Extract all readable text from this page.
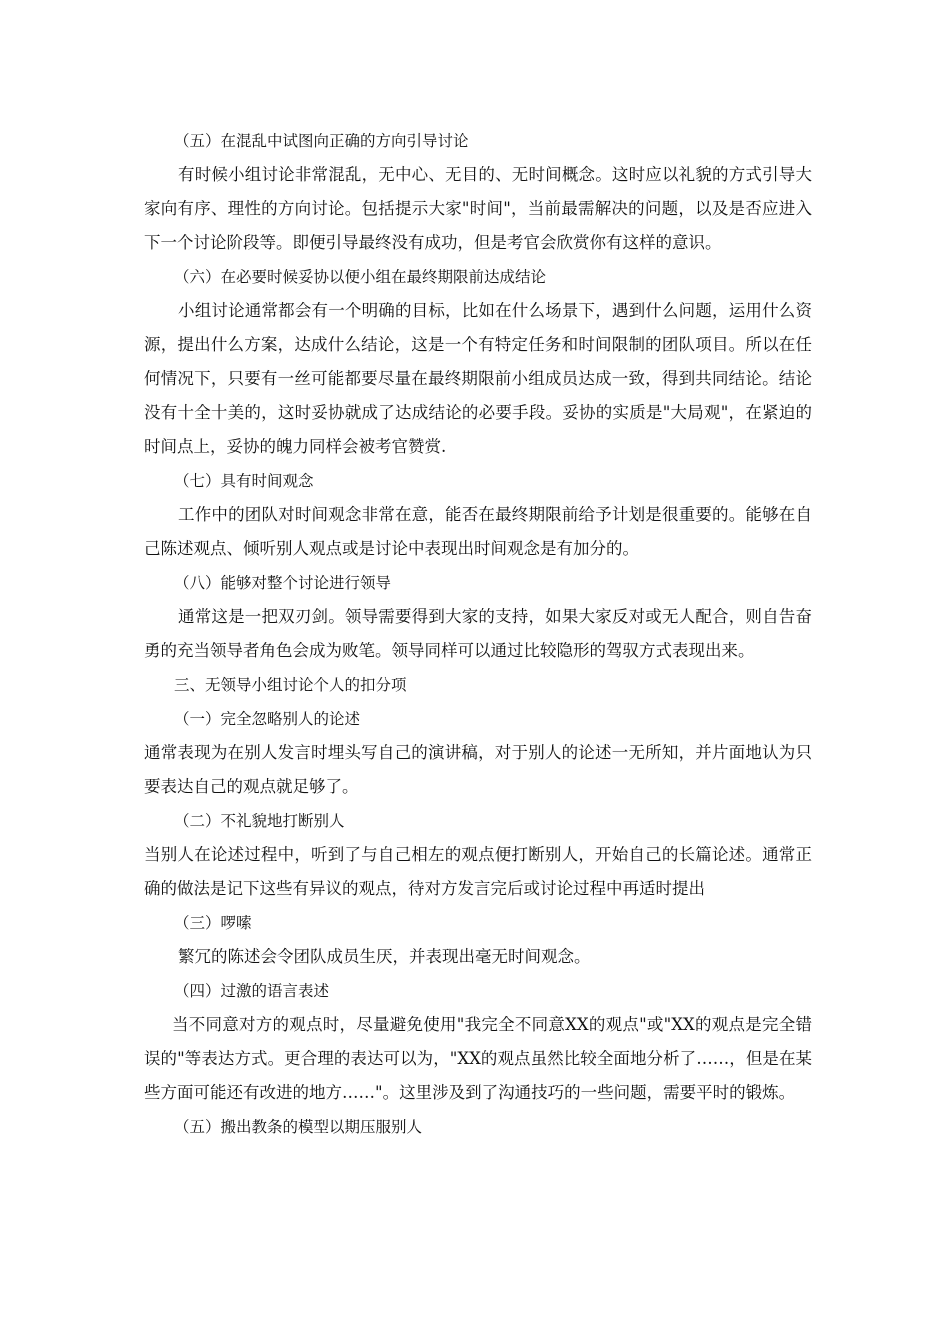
（五）在混乱中试图向正确的方向引导讨论

有时候小组讨论非常混乱，无中心、无目的、无时间概念。这时应以礼貌的方式引导大家向有序、理性的方向讨论。包括提示大家"时间"，当前最需解决的问题，以及是否应进入下一个讨论阶段等。即便引导最终没有成功，但是考官会欣赏你有这样的意识。

（六）在必要时候妥协以便小组在最终期限前达成结论

小组讨论通常都会有一个明确的目标，比如在什么场景下，遇到什么问题，运用什么资源，提出什么方案，达成什么结论，这是一个有特定任务和时间限制的团队项目。所以在任何情况下，只要有一丝可能都要尽量在最终期限前小组成员达成一致，得到共同结论。结论没有十全十美的，这时妥协就成了达成结论的必要手段。妥协的实质是"大局观"，在紧迫的时间点上，妥协的魄力同样会被考官赞赏.

（七）具有时间观念

工作中的团队对时间观念非常在意，能否在最终期限前给予计划是很重要的。能够在自己陈述观点、倾听别人观点或是讨论中表现出时间观念是有加分的。

（八）能够对整个讨论进行领导

通常这是一把双刃剑。领导需要得到大家的支持，如果大家反对或无人配合，则自告奋勇的充当领导者角色会成为败笔。领导同样可以通过比较隐形的驾驭方式表现出来。

三、无领导小组讨论个人的扣分项

（一）完全忽略别人的论述

通常表现为在别人发言时埋头写自己的演讲稿，对于别人的论述一无所知，并片面地认为只要表达自己的观点就足够了。

（二）不礼貌地打断别人

当别人在论述过程中，听到了与自己相左的观点便打断别人，开始自己的长篇论述。通常正确的做法是记下这些有异议的观点，待对方发言完后或讨论过程中再适时提出

（三）啰嗦

繁冗的陈述会令团队成员生厌，并表现出毫无时间观念。

（四）过激的语言表述

当不同意对方的观点时，尽量避免使用"我完全不同意XX的观点"或"XX的观点是完全错误的"等表达方式。更合理的表达可以为，"XX的观点虽然比较全面地分析了……，但是在某些方面可能还有改进的地方……"。这里涉及到了沟通技巧的一些问题，需要平时的锻炼。

（五）搬出教条的模型以期压服别人
